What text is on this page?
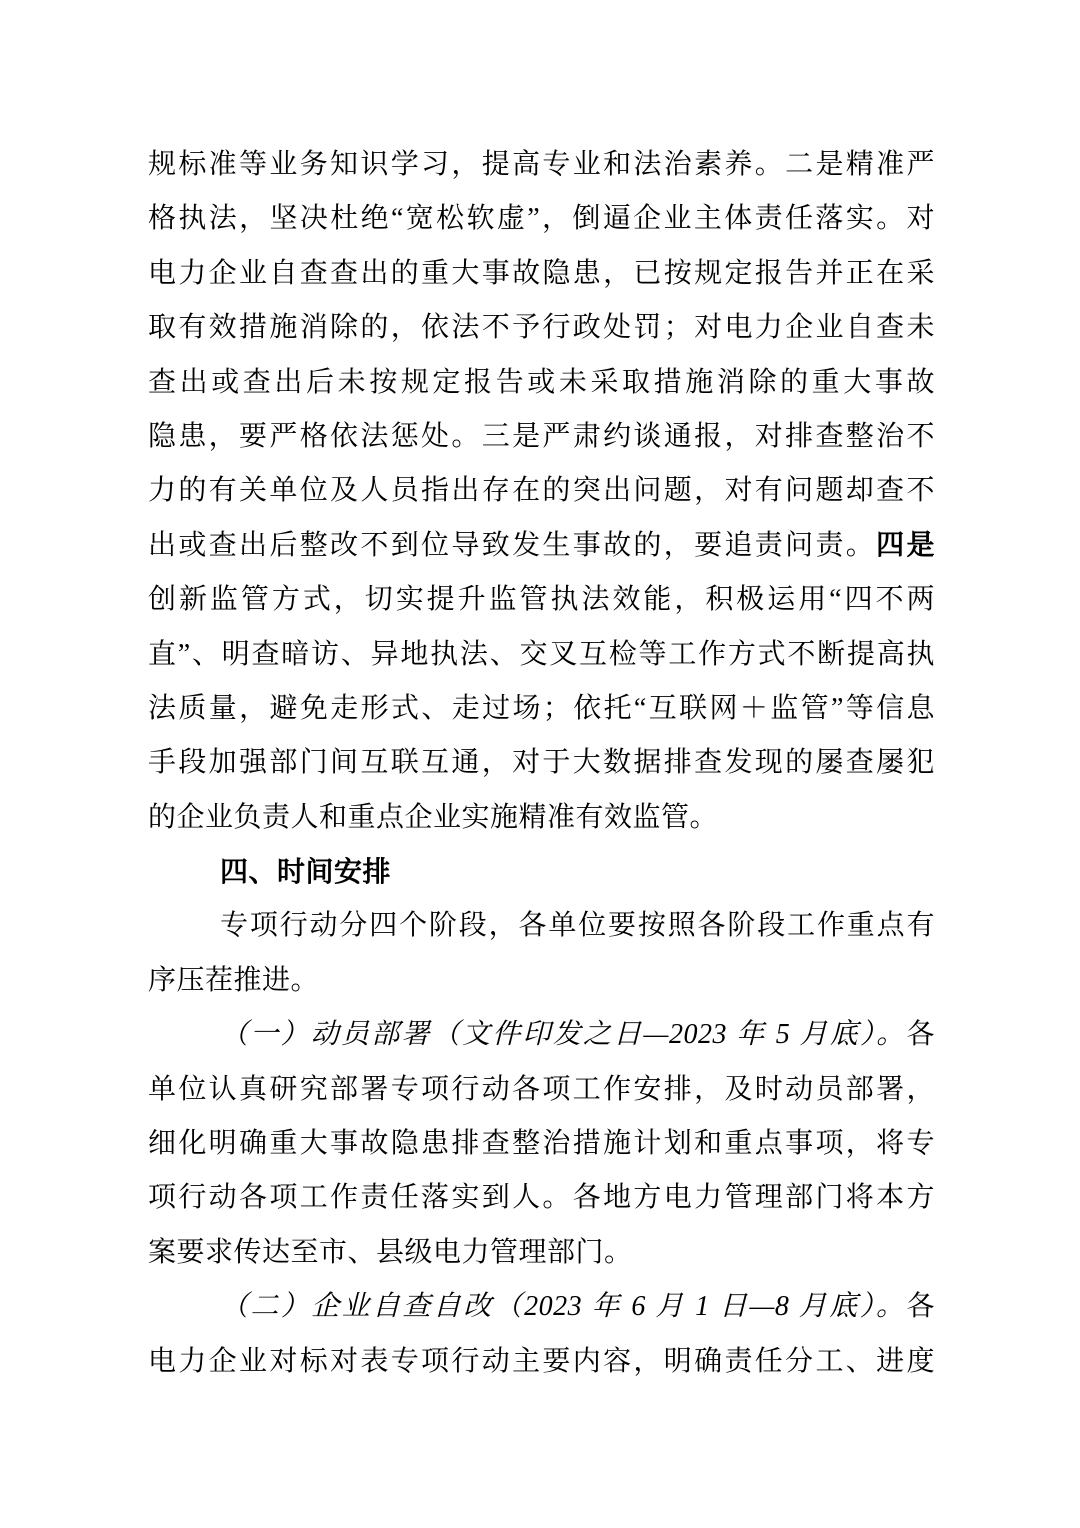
规标准等业务知识学习，提高专业和法治素养。二是精准严
格执法，坚决杜绝“宽松软虚”，倒逼企业主体责任落实。对
电力企业自查查出的重大事故隐患，已按规定报告并正在采
取有效措施消除的，依法不予行政处罚；对电力企业自查未
查出或查出后未按规定报告或未采取措施消除的重大事故
隐患，要严格依法惩处。三是严肃约谈通报，对排查整治不
力的有关单位及人员指出存在的突出问题，对有问题却查不
出或查出后整改不到位导致发生事故的，要追责问责。四是
创新监管方式，切实提升监管执法效能，积极运用“四不两
直”、明查暗访、异地执法、交叉互检等工作方式不断提高执
法质量，避免走形式、走过场；依托“互联网＋监管”等信息
手段加强部门间互联互通，对于大数据排查发现的屡查屡犯
的企业负责人和重点企业实施精准有效监管。
四、时间安排
专项行动分四个阶段，各单位要按照各阶段工作重点有
序压茬推进。
（一）动员部署（文件印发之日—2023 年 5 月底）。各
单位认真研究部署专项行动各项工作安排，及时动员部署，
细化明确重大事故隐患排查整治措施计划和重点事项，将专
项行动各项工作责任落实到人。各地方电力管理部门将本方
案要求传达至市、县级电力管理部门。
（二）企业自查自改（2023 年 6 月 1 日—8 月底）。各
电力企业对标对表专项行动主要内容，明确责任分工、进度
